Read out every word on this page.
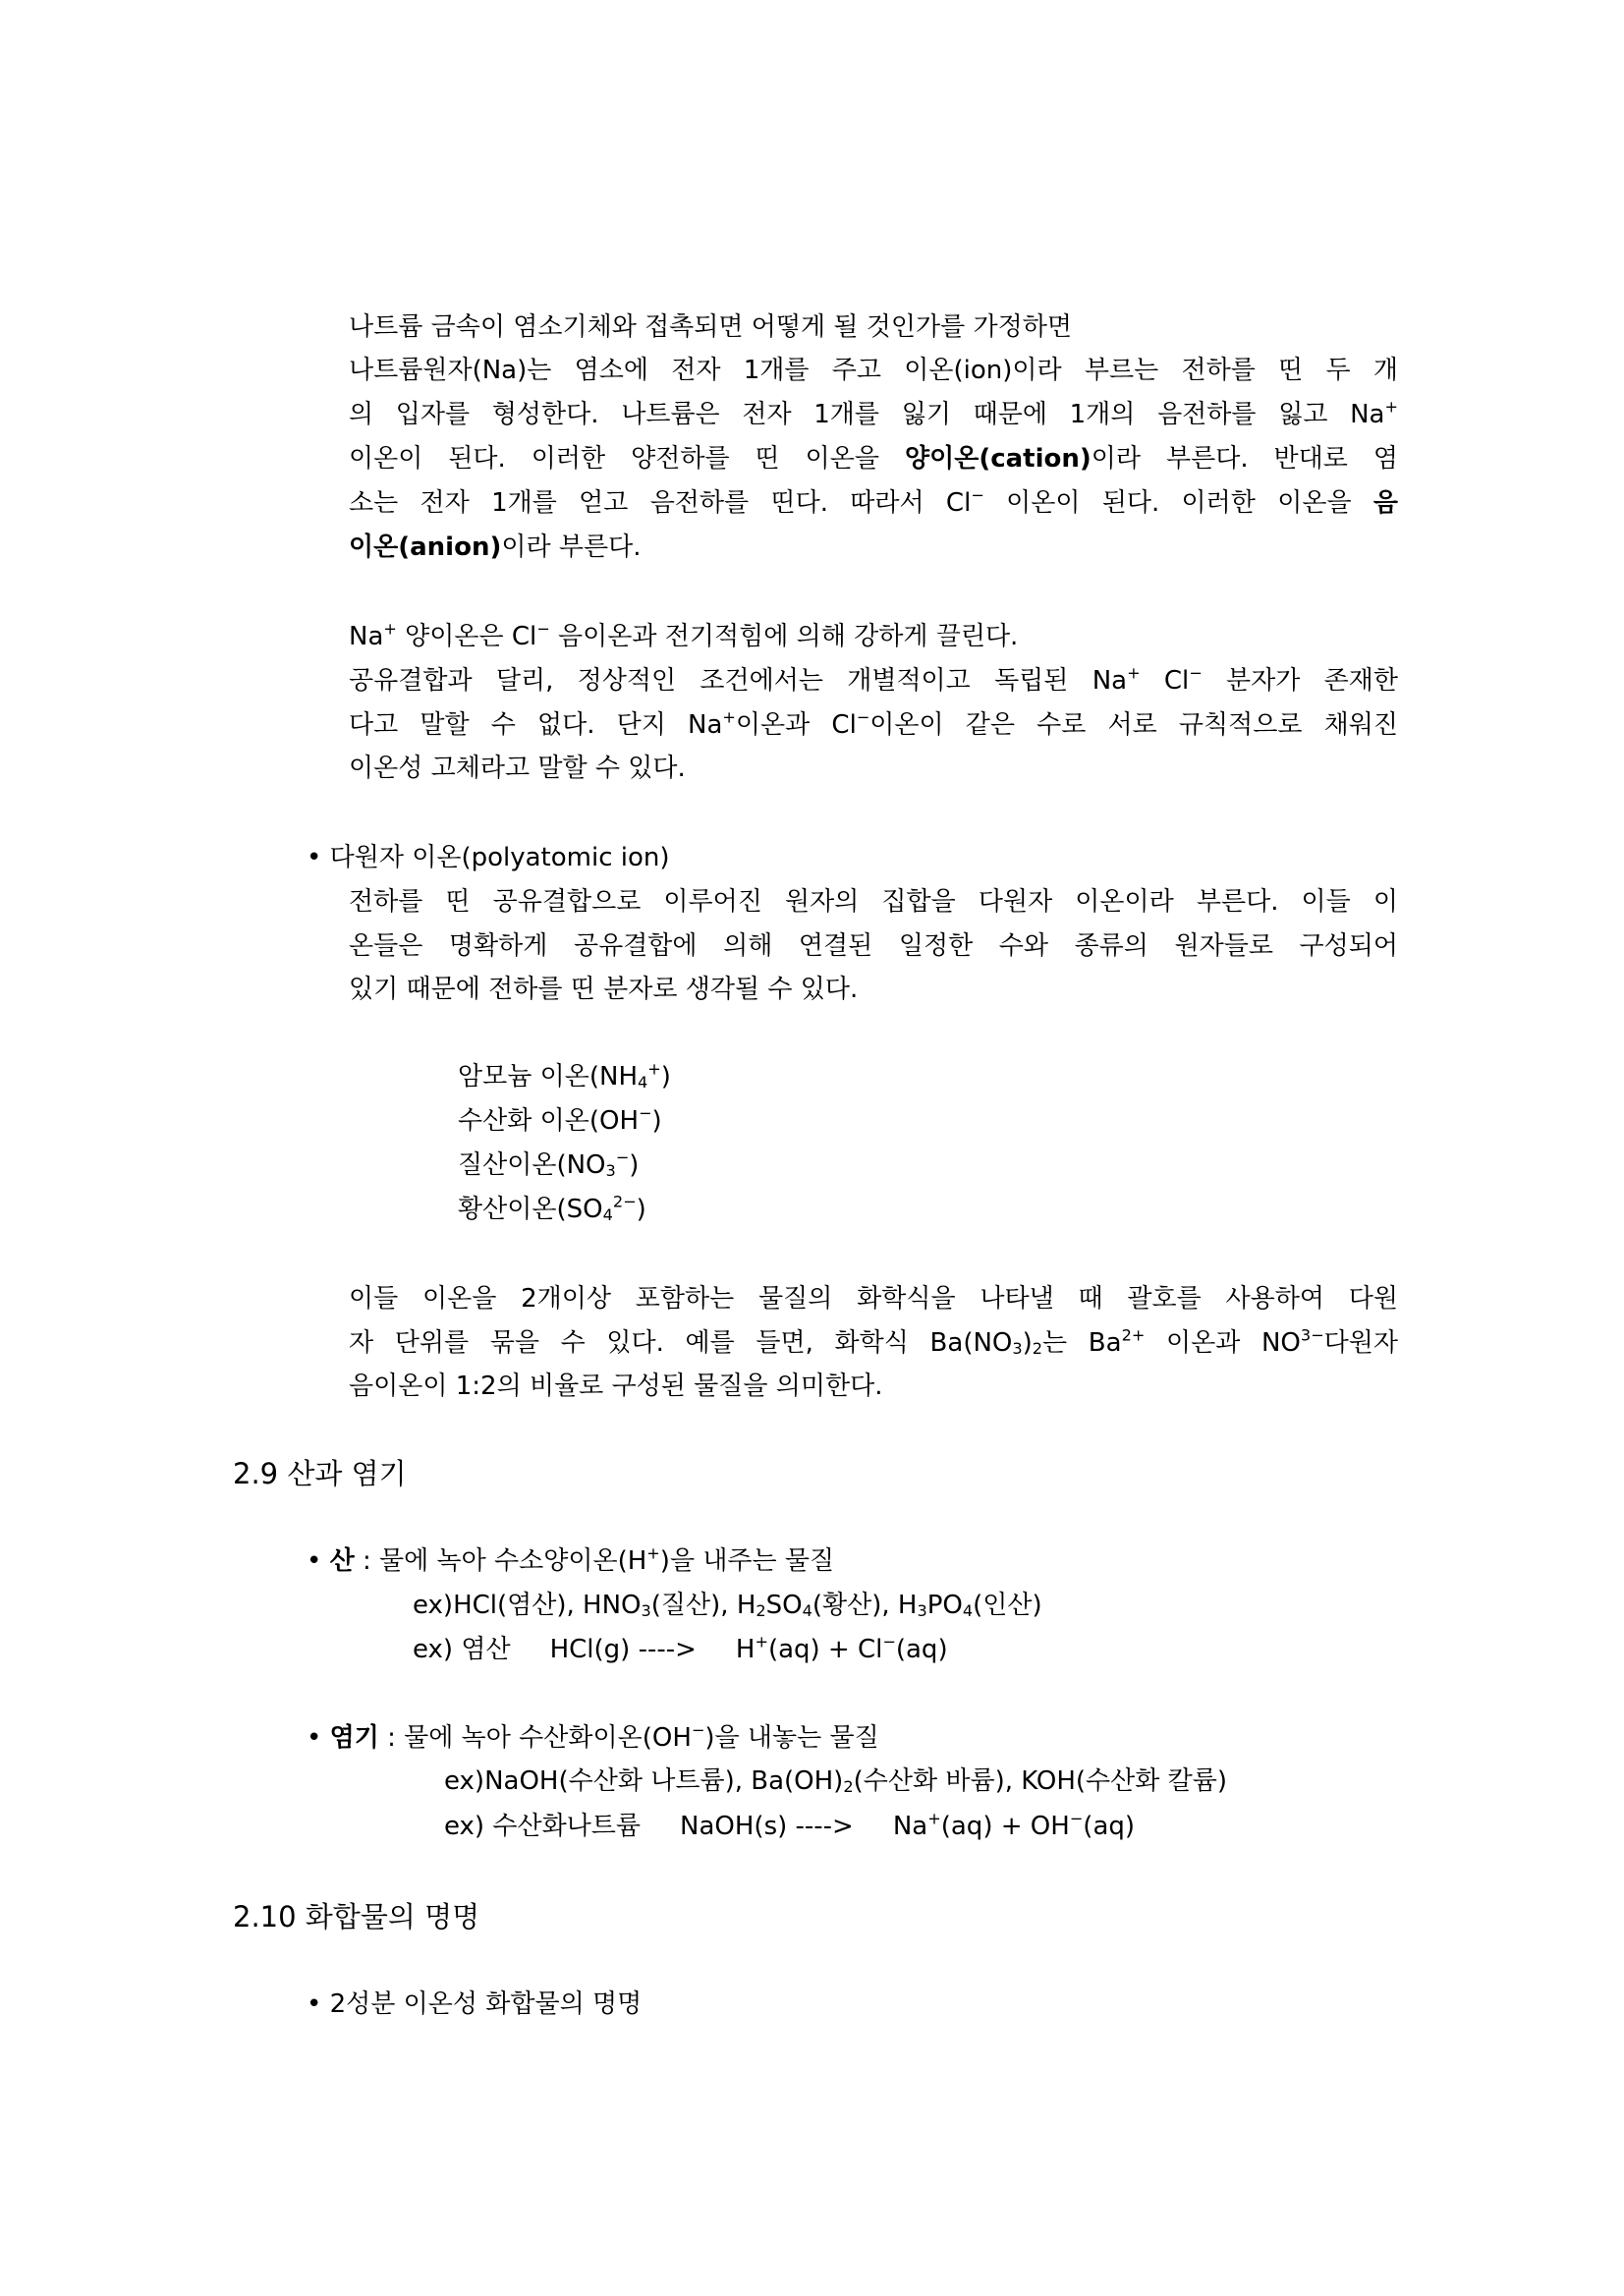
나트륨 금속이 염소기체와 접촉되면 어떻게 될 것인가를 가정하면
나트륨원자(Na)는 염소에 전자 1개를 주고 이온(ion)이라 부르는 전하를 띤 두 개
의 입자를 형성한다. 나트륨은 전자 1개를 잃기 때문에 1개의 음전하를 잃고 Na+
이온이 된다. 이러한 양전하를 띤 이온을 양이온(cation)이라 부른다. 반대로 염
소는 전자 1개를 얻고 음전하를 띤다. 따라서 Cl− 이온이 된다. 이러한 이온을 음
이온(anion)이라 부른다.
Na+ 양이온은 Cl− 음이온과 전기적힘에 의해 강하게 끌린다.
공유결합과 달리, 정상적인 조건에서는 개별적이고 독립된 Na+ Cl− 분자가 존재한
다고 말할 수 없다. 단지 Na+이온과 Cl−이온이 같은 수로 서로 규칙적으로 채워진
이온성 고체라고 말할 수 있다.
• 다원자 이온(polyatomic ion)
전하를 띤 공유결합으로 이루어진 원자의 집합을 다원자 이온이라 부른다. 이들 이
온들은 명확하게 공유결합에 의해 연결된 일정한 수와 종류의 원자들로 구성되어
있기 때문에 전하를 띤 분자로 생각될 수 있다.
암모늄 이온$(NH_4^+)$
수산화 이온(OH−)
질산이온$(NO_3^-)$
황산이온$(SO_4^{2-})$
이들 이온을 2개이상 포함하는 물질의 화학식을 나타낼 때 괄호를 사용하여 다원
자 단위를 묶을 수 있다. 예를 들면, 화학식 $Ba(NO_3)_2$는 $Ba^{2+}$ 이온과 $NO^{3-}$다원자
음이온이 1:2의 비율로 구성된 물질을 의미한다.
2.9 산과 염기
• 산 : 물에 녹아 수소양이온(H+)을 내주는 물질
ex)HCl(염산), $HNO_3$(질산), $H_2SO_4$(황산), $H_3PO_4$(인산)
ex) 염산 HCl(g) ----> H+(aq) + Cl−(aq)
• 염기 : 물에 녹아 수산화이온(OH−)을 내놓는 물질
ex)NaOH(수산화 나트륨), $Ba(OH)_2$(수산화 바륨), KOH(수산화 칼륨)
ex) 수산화나트륨 NaOH(s) ----> Na+(aq) + OH−(aq)
2.10 화합물의 명명
• 2성분 이온성 화합물의 명명
